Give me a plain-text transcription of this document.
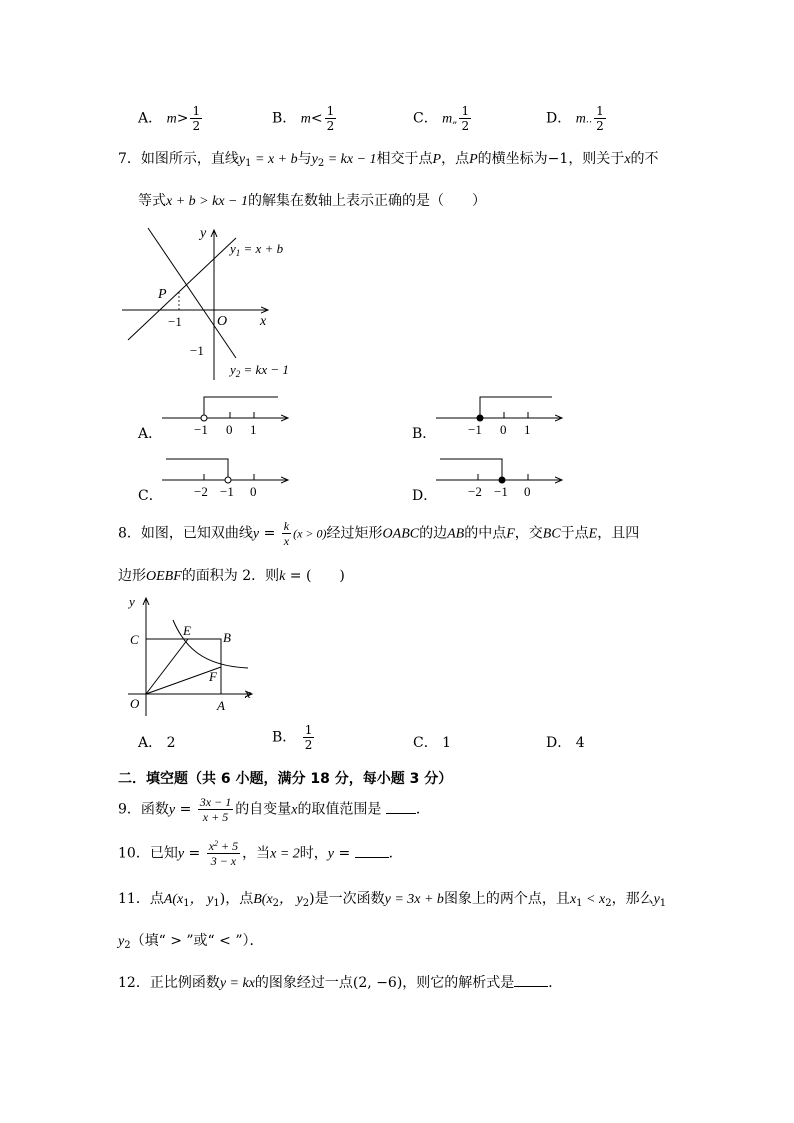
A． $m> \frac{1}{2}$	B． $m< \frac{1}{2}$	C． m„ $\frac{1}{2}$	D． m.. $\frac{1}{2}$
7．如图所示，直线$y_1 = x + b$与$y_2$ = kx − 1相交于点P，点P的横坐标为−1，则关于x的不
等式x + b > kx − 1的解集在数轴上表示正确的是（　　）
y
x
O
P
−1
−1
$y_1 = x + b$
$y_2$ = kx − 1
A． −1 0 1	B． −1 0 1
C． −2 −1 0	D． −2 −1 0
8．如图，已知双曲线$y = \frac{k}{x} (x > 0)$经过矩形OABC的边AB的中点F，交BC于点E，且四
边形OEBF的面积为 2．则k = (　　)
y
x
O	A
B
C
E
F
A． 2	B． $\frac{1}{2}$	C． 1	D． 4
二．填空题（共 6 小题，满分 18 分，每小题 3 分）
9．函数$y = \frac{3x - 1}{x + 5}$ 的自变量x的取值范围是 ．
10．已知$y = \frac{x^2 + 5}{3 - x}$ ，当x = 2时，y = ．
11．点$A(x_1$， $y_1$)，点$B(x_2$， $y_2$)是一次函数y = 3x + b图象上的两个点，且$x_1 < x_2$，那么$y_1$
$y_2$（填“ > ”或“ < ”）．
12．正比例函数y = kx的图象经过一点(2, −6)，则它的解析式是 ．
